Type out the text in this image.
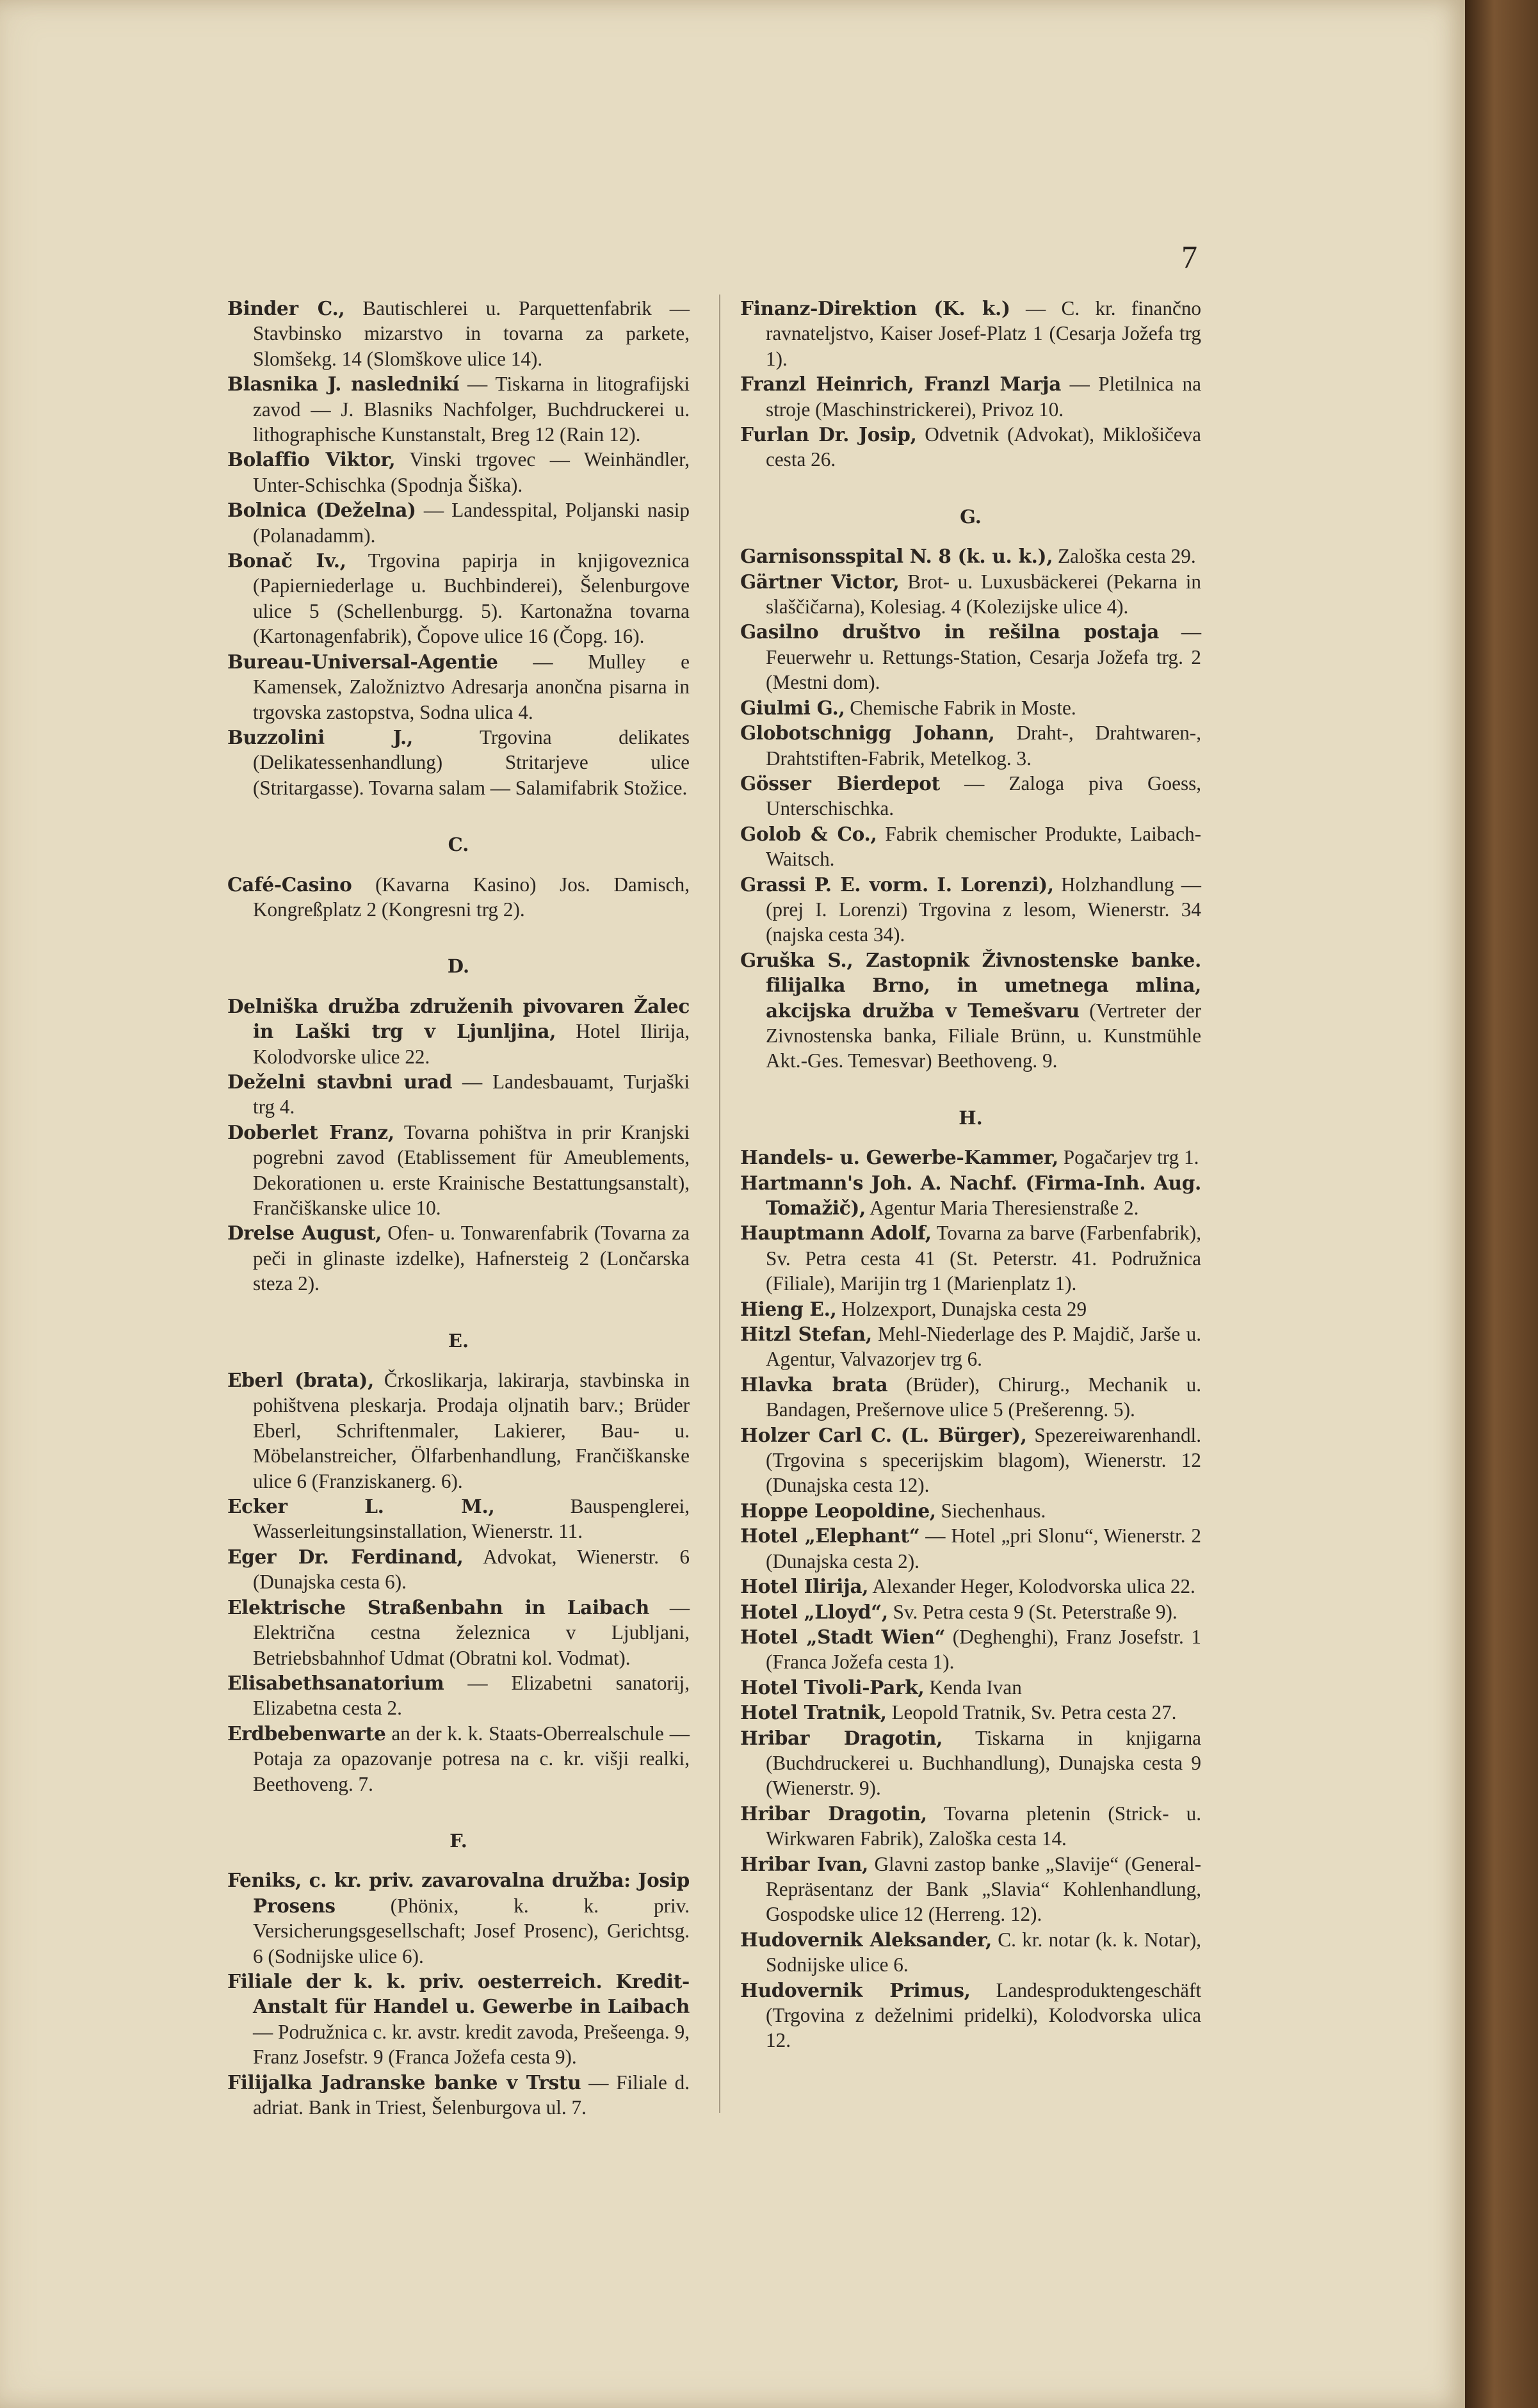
7
Binder C., Bautischlerei u. Parquettenfabrik — Stavbinsko mizarstvo in tovarna za parkete, Slomšekg. 14 (Slomškove ulice 14).
Blasnika J. naslednikí — Tiskarna in litografijski zavod — J. Blasniks Nachfolger, Buchdruckerei u. lithographische Kunstanstalt, Breg 12 (Rain 12).
Bolaffio Viktor, Vinski trgovec — Weinhändler, Unter-Schischka (Spodnja Šiška).
Bolnica (Deželna) — Landesspital, Poljanski nasip (Polanadamm).
Bonač Iv., Trgovina papirja in knjigoveznica (Papierniederlage u. Buchbinderei), Šelenburgove ulice 5 (Schellenburgg. 5). Kartonažna tovarna (Kartonagenfabrik), Čopove ulice 16 (Čopg. 16).
Bureau-Universal-Agentie — Mulley e Kamensek, Založniztvo Adresarja anončna pisarna in trgovska zastopstva, Sodna ulica 4.
Buzzolini J.,	Trgovina delikates (Delikatessenhandlung) Stritarjeve ulice (Stritargasse). Tovarna salam — Salamifabrik Stožice.
C.
Café-Casino (Kavarna Kasino) Jos. Damisch, Kongreßplatz 2 (Kongresni trg 2).
D.
Delniška družba združenih pivovaren Žalec in Laški trg v Ljunljina, Hotel Ilirija, Kolodvorske ulice 22.
Deželni stavbni urad — Landesbauamt, Turjaški trg 4.
Doberlet Franz, Tovarna pohištva in prir Kranjski pogrebni zavod (Etablissement für Ameublements, Dekorationen u. erste Krainische Bestattungsanstalt), Frančiškanske ulice 10.
Drelse August, Ofen- u. Tonwarenfabrik (Tovarna za peči in glinaste izdelke), Hafnersteig 2 (Lončarska steza 2).
E.
Eberl (brata), Črkoslikarja, lakirarja, stavbinska in pohištvena pleskarja. Prodaja oljnatih barv.; Brüder Eberl, Schriftenmaler, Lakierer, Bau- u. Möbelanstreicher, Ölfarbenhandlung, Frančiškanske ulice 6 (Franziskanerg. 6).
Ecker L. M.,	Bauspenglerei, Wasserleitungsinstallation, Wienerstr. 11.
Eger Dr. Ferdinand, Advokat, Wienerstr. 6 (Dunajska cesta 6).
Elektrische Straßenbahn in Laibach — Električna cestna železnica v Ljubljani, Betriebsbahnhof Udmat (Obratni kol. Vodmat).
Elisabethsanatorium — Elizabetni sanatorij, Elizabetna cesta 2.
Erdbebenwarte an der k. k. Staats-Oberrealschule — Potaja za opazovanje potresa na c. kr. višji realki, Beethoveng. 7.
F.
Feniks, c. kr. priv. zavarovalna družba: Josip Prosens	(Phönix, k. k. priv. Versicherungsgesellschaft; Josef Prosenc), Gerichtsg. 6 (Sodnijske ulice 6).
Filiale der k. k. priv. oesterreich. Kredit-Anstalt für Handel u. Gewerbe in Laibach — Podružnica c. kr. avstr. kredit zavoda, Prešeenga. 9, Franz Josefstr. 9 (Franca Jožefa cesta 9).
Filijalka Jadranske banke v Trstu — Filiale d. adriat. Bank in Triest, Šelenburgova ul. 7.
Finanz-Direktion (K. k.) — C. kr. finančno ravnateljstvo, Kaiser Josef-Platz 1 (Cesarja Jožefa trg 1).
Franzl Heinrich, Franzl Marja — Pletilnica na stroje (Maschinstrickerei), Privoz 10.
Furlan Dr. Josip, Odvetnik (Advokat), Miklošičeva cesta 26.
G.
Garnisonsspital N. 8 (k. u. k.), Zaloška cesta 29.
Gärtner Victor, Brot- u. Luxusbäckerei (Pekarna in slaščičarna), Kolesiag. 4 (Kolezijske ulice 4).
Gasilno društvo in rešilna postaja — Feuerwehr u. Rettungs-Station, Cesarja Jožefa trg. 2 (Mestni dom).
Giulmi G., Chemische Fabrik in Moste.
Globotschnigg Johann, Draht-, Drahtwaren-, Drahtstiften-Fabrik, Metelkog. 3.
Gösser Bierdepot — Zaloga piva Goess, Unterschischka.
Golob & Co., Fabrik chemischer Produkte, Laibach-Waitsch.
Grassi P. E. vorm. I. Lorenzi), Holzhandlung — (prej I. Lorenzi) Trgovina z lesom, Wienerstr. 34 (najska cesta 34).
Gruška S., Zastopnik Živnostenske banke. filijalka Brno, in umetnega mlina, akcijska družba v Temešvaru (Vertreter der Zivnostenska banka, Filiale Brünn, u. Kunstmühle Akt.-Ges. Temesvar) Beethoveng. 9.
H.
Handels- u. Gewerbe-Kammer, Pogačarjev trg 1.
Hartmann's Joh. A. Nachf. (Firma-Inh. Aug. Tomažič), Agentur Maria Theresienstraße 2.
Hauptmann Adolf, Tovarna za barve (Farbenfabrik), Sv. Petra cesta 41 (St. Peterstr. 41. Podružnica (Filiale), Marijin trg 1 (Marienplatz 1).
Hieng E., Holzexport, Dunajska cesta 29
Hitzl Stefan, Mehl-Niederlage des P. Majdič, Jarše u. Agentur, Valvazorjev trg 6.
Hlavka brata (Brüder), Chirurg., Mechanik u. Bandagen, Prešernove ulice 5 (Prešerenng. 5).
Holzer Carl C. (L. Bürger), Spezereiwarenhandl. (Trgovina s specerijskim blagom), Wienerstr. 12 (Dunajska cesta 12).
Hoppe Leopoldine, Siechenhaus.
Hotel „Elephant“ — Hotel „pri Slonu“, Wienerstr. 2 (Dunajska cesta 2).
Hotel Ilirija, Alexander Heger, Kolodvorska ulica 22.
Hotel „Lloyd“, Sv. Petra cesta 9 (St. Peterstraße 9).
Hotel „Stadt Wien“ (Deghenghi), Franz Josefstr. 1 (Franca Jožefa cesta 1).
Hotel Tivoli-Park, Kenda Ivan
Hotel Tratnik, Leopold Tratnik, Sv. Petra cesta 27.
Hribar Dragotin, Tiskarna in knjigarna (Buchdruckerei u. Buchhandlung), Dunajska cesta 9 (Wienerstr. 9).
Hribar Dragotin, Tovarna pletenin (Strick- u. Wirkwaren Fabrik), Zaloška cesta 14.
Hribar Ivan, Glavni zastop banke „Slavije“ (General-Repräsentanz der Bank „Slavia“ Kohlenhandlung, Gospodske ulice 12 (Herreng. 12).
Hudovernik Aleksander, C. kr. notar (k. k. Notar), Sodnijske ulice 6.
Hudovernik Primus, Landesproduktengeschäft (Trgovina z deželnimi pridelki), Kolodvorska ulica 12.
